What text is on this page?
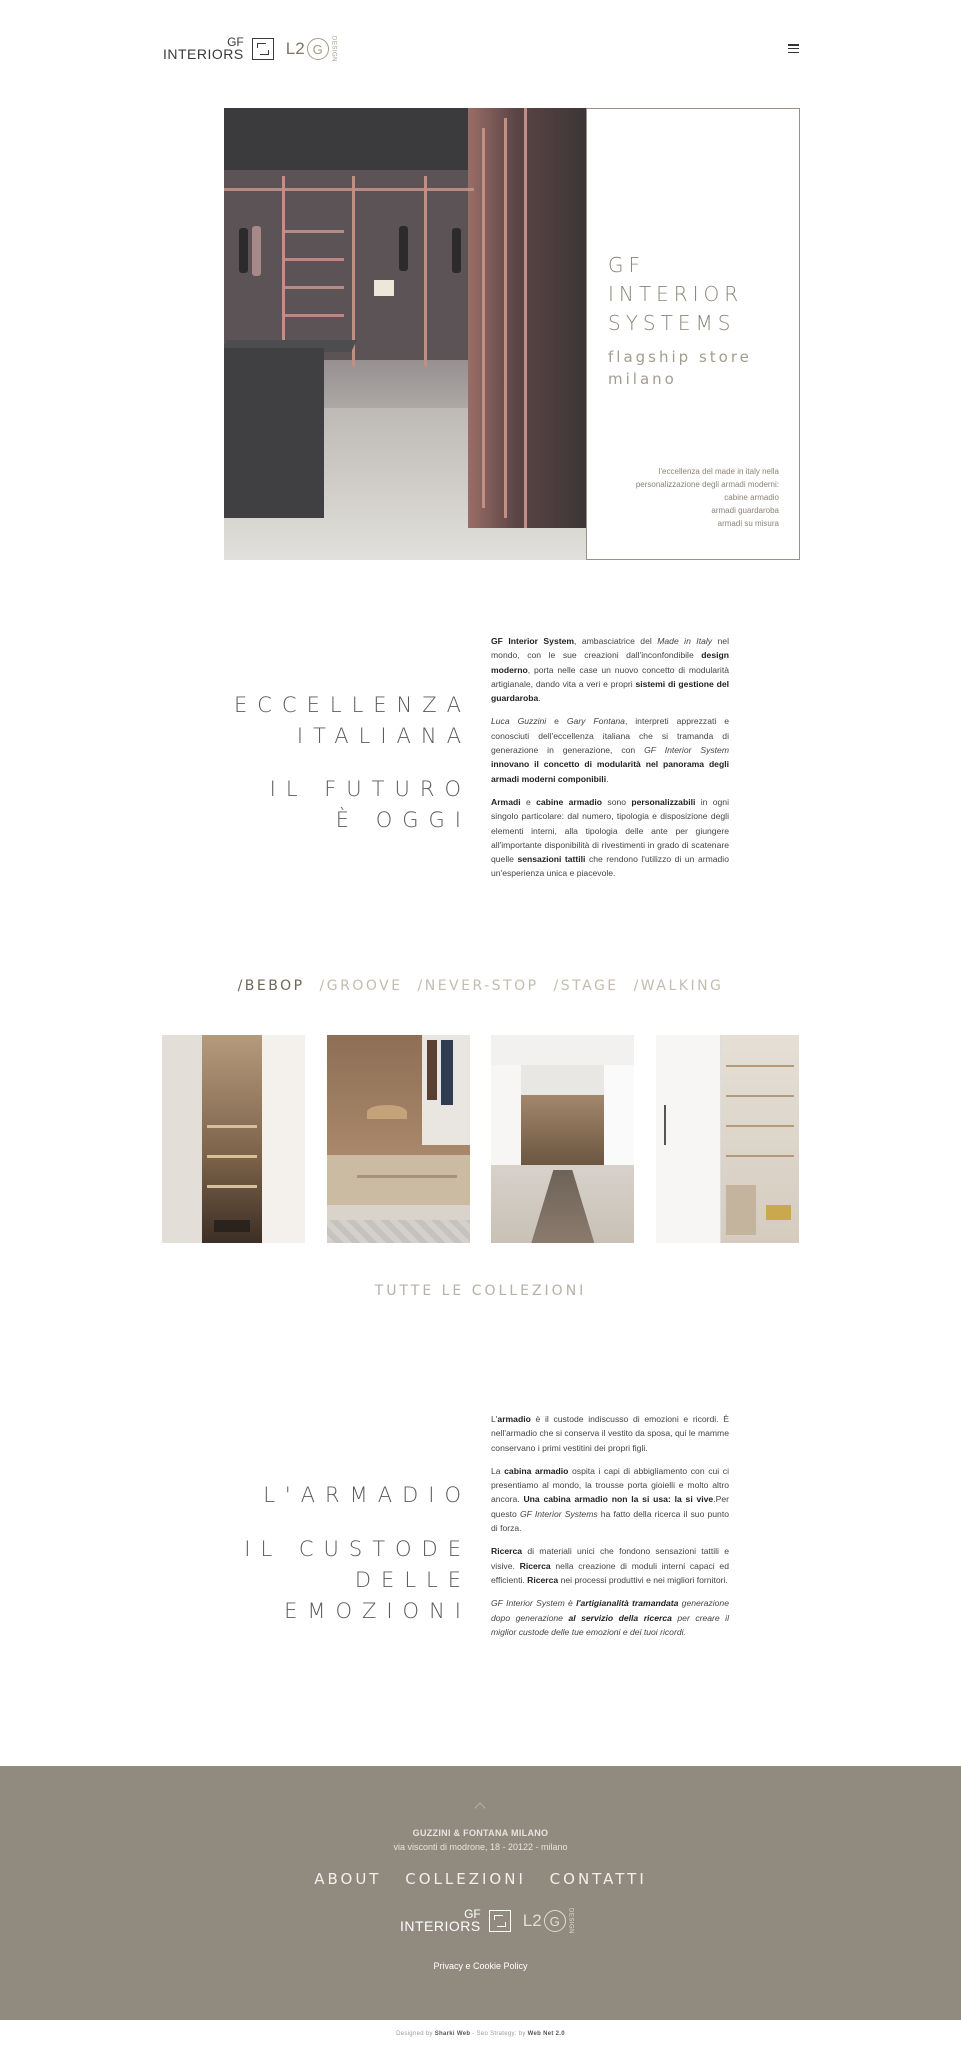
GF
INTERIORS L2 G	DESIGN
GF
INTERIOR
SYSTEMS
flagship store
milano
l'eccellenza del made in italy nella
personalizzazione degli armadi moderni:
cabine armadio
armadi guardaroba
armadi su misura
ECCELLENZA
ITALIANA
IL FUTURO
È OGGI

GF Interior System, ambasciatrice del Made in Italy nel mondo, con le sue creazioni dall'inconfondibile design moderno, porta nelle case un nuovo concetto di modularità artigianale, dando vita a veri e propri sistemi di gestione del guardaroba.

Luca Guzzini e Gary Fontana, interpreti apprezzati e conosciuti dell'eccellenza italiana che si tramanda di generazione in generazione, con GF Interior System innovano il concetto di modularità nel panorama degli armadi moderni componibili.

Armadi e cabine armadio sono personalizzabili in ogni singolo particolare: dal numero, tipologia e disposizione degli elementi interni, alla tipologia delle ante per giungere all'importante disponibilità di rivestimenti in grado di scatenare quelle sensazioni tattili che rendono l'utilizzo di un armadio un'esperienza unica e piacevole.

/BEBOP /GROOVE /NEVER-STOP /STAGE /WALKING
TUTTE LE COLLEZIONI
L'ARMADIO
IL CUSTODE
DELLE
EMOZIONI

L'armadio è il custode indiscusso di emozioni e ricordi. È nell'armadio che si conserva il vestito da sposa, qui le mamme conservano i primi vestitini dei propri figli.

La cabina armadio ospita i capi di abbigliamento con cui ci presentiamo al mondo, la trousse porta gioielli e molto altro ancora. Una cabina armadio non la si usa: la si vive.Per questo GF Interior Systems ha fatto della ricerca il suo punto di forza.

Ricerca di materiali unici che fondono sensazioni tattili e visive. Ricerca nella creazione di moduli interni capaci ed efficienti. Ricerca nei processi produttivi e nei migliori fornitori.

GF Interior System è l'artigianalità tramandata generazione dopo generazione al servizio della ricerca per creare il miglior custode delle tue emozioni e dei tuoi ricordi.

GUZZINI & FONTANA MILANO
via visconti di modrone, 18 - 20122 - milano
ABOUT COLLEZIONI CONTATTI
GF
INTERIORS L2 G	DESIGN
Privacy e Cookie Policy
Designed by Sharki Web - Seo Strategy: by Web Net 2.0
